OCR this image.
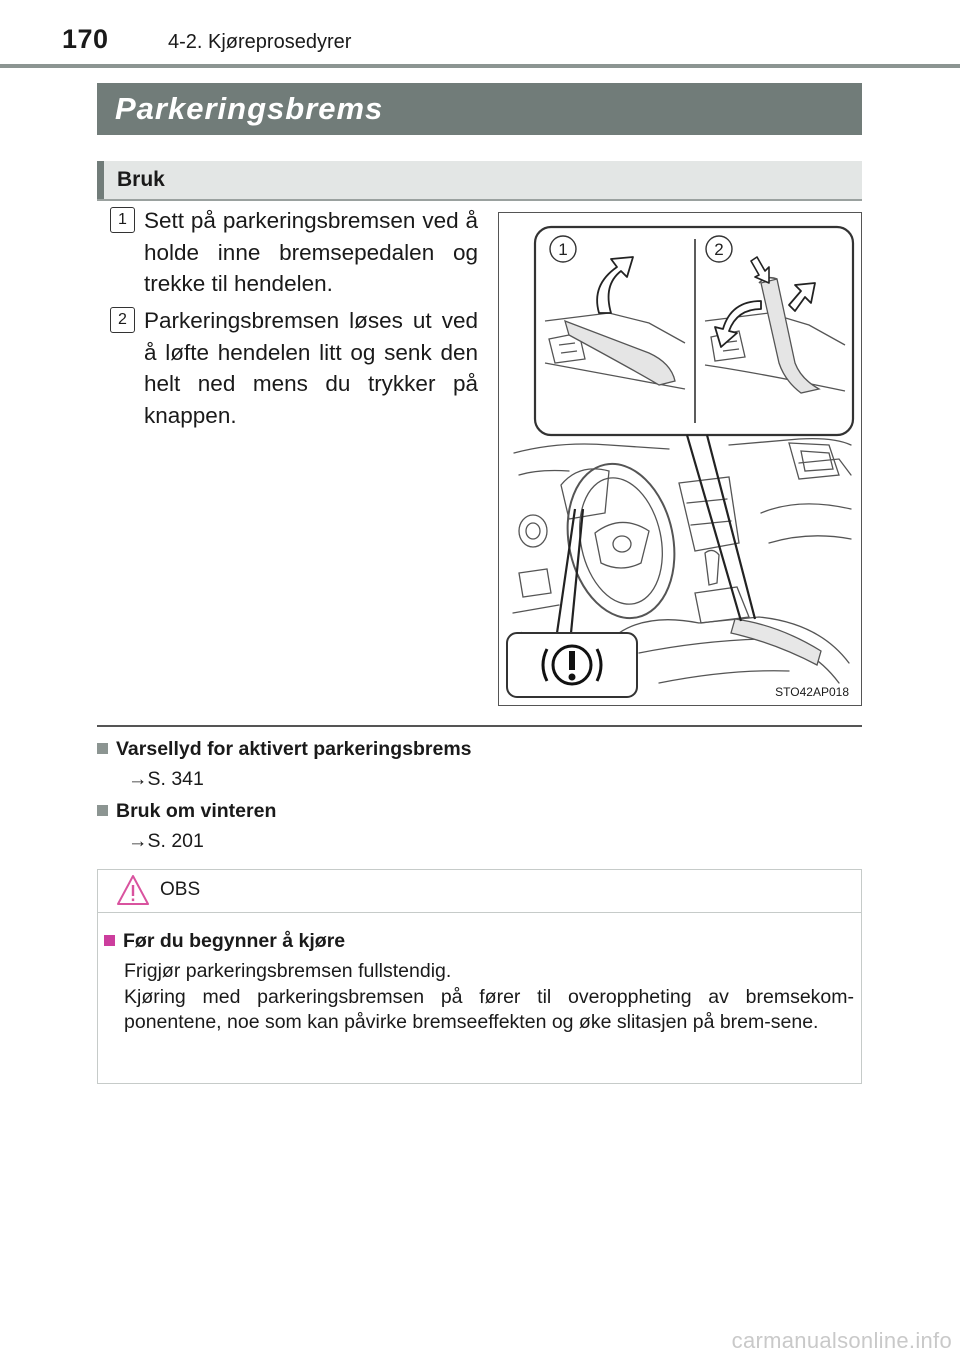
170	4-2. Kjøreprosedyrer
Parkeringsbrems
Bruk
1 Sett på parkeringsbremsen ved å holde inne bremsepedalen og trekke til hendelen.
2 Parkeringsbremsen løses ut ved å løfte hendelen litt og senk den helt ned mens du trykker på knappen.
1	2
STO42AP018
Varsellyd for aktivert parkeringsbrems
→S. 341
Bruk om vinteren
→S. 201
OBS
Før du begynner å kjøre
Frigjør parkeringsbremsen fullstendig.
Kjøring med parkeringsbremsen på fører til overoppheting av bremsekom-ponentene, noe som kan påvirke bremseeffekten og øke slitasjen på brem-sene.
carmanualsonline.info
